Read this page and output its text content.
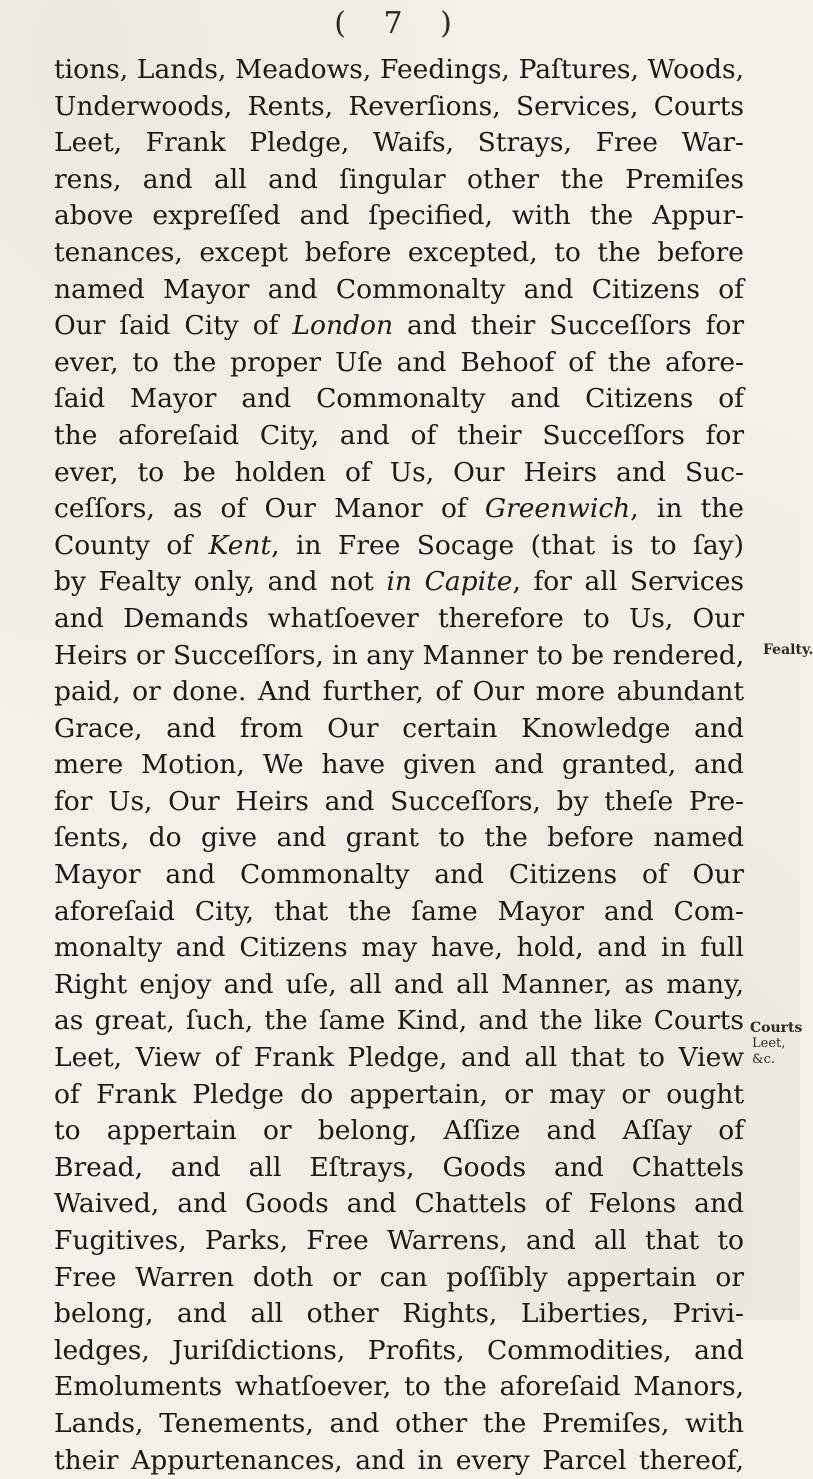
( 7 )
tions, Lands, Meadows, Feedings, Paſtures, Woods,
Underwoods, Rents, Reverſions, Services, Courts
Leet, Frank Pledge, Waifs, Strays, Free War-
rens, and all and ſingular other the Premiſes
above expreſſed and ſpecified, with the Appur-
tenances, except before excepted, to the before
named Mayor and Commonalty and Citizens of
Our ſaid City of London and their Succeſſors for
ever, to the proper Uſe and Behoof of the afore-
ſaid Mayor and Commonalty and Citizens of
the aforeſaid City, and of their Succeſſors for
ever, to be holden of Us, Our Heirs and Suc-
ceſſors, as of Our Manor of Greenwich, in the
County of Kent, in Free Socage (that is to ſay)
by Fealty only, and not in Capite, for all Services
and Demands whatſoever therefore to Us, Our
Heirs or Succeſſors, in any Manner to be rendered,
paid, or done. And further, of Our more abundant
Grace, and from Our certain Knowledge and
mere Motion, We have given and granted, and
for Us, Our Heirs and Succeſſors, by theſe Pre-
ſents, do give and grant to the before named
Mayor and Commonalty and Citizens of Our
aforeſaid City, that the ſame Mayor and Com-
monalty and Citizens may have, hold, and in full
Right enjoy and uſe, all and all Manner, as many,
as great, ſuch, the ſame Kind, and the like Courts
Leet, View of Frank Pledge, and all that to View
of Frank Pledge do appertain, or may or ought
to appertain or belong, Aſſize and Aſſay of
Bread, and all Eſtrays, Goods and Chattels
Waived, and Goods and Chattels of Felons and
Fugitives, Parks, Free Warrens, and all that to
Free Warren doth or can poſſibly appertain or
belong, and all other Rights, Liberties, Privi-
ledges, Juriſdictions, Profits, Commodities, and
Emoluments whatſoever, to the aforeſaid Manors,
Lands, Tenements, and other the Premiſes, with
their Appurtenances, and in every Parcel thereof,
Fealty.
Courts
Leet, &c.
